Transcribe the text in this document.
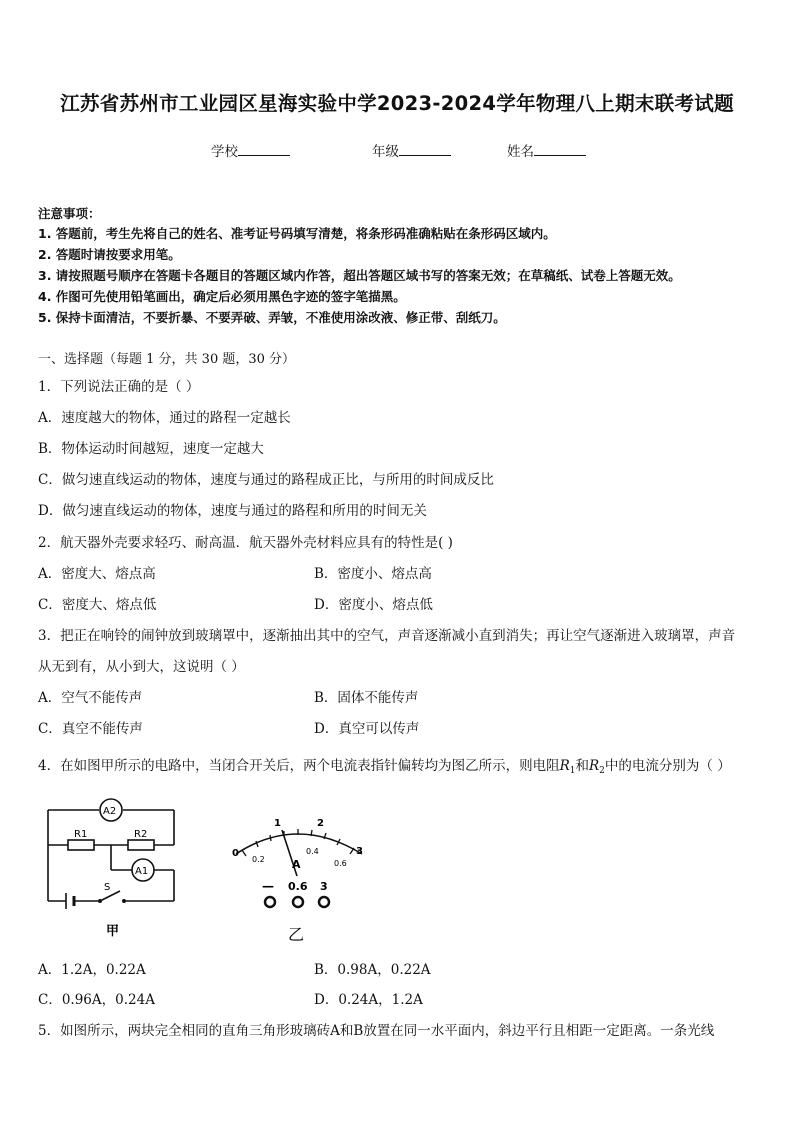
江苏省苏州市工业园区星海实验中学2023-2024学年物理八上期末联考试题
学校	年级	姓名
注意事项：
1. 答题前，考生先将自己的姓名、准考证号码填写清楚，将条形码准确粘贴在条形码区域内。
2. 答题时请按要求用笔。
3. 请按照题号顺序在答题卡各题目的答题区域内作答，超出答题区域书写的答案无效；在草稿纸、试卷上答题无效。
4. 作图可先使用铅笔画出，确定后必须用黑色字迹的签字笔描黑。
5. 保持卡面清洁，不要折暴、不要弄破、弄皱，不准使用涂改液、修正带、刮纸刀。
一、选择题（每题 1 分，共 30 题，30 分）
1．下列说法正确的是（ ）
A．速度越大的物体，通过的路程一定越长
B．物体运动时间越短，速度一定越大
C．做匀速直线运动的物体，速度与通过的路程成正比，与所用的时间成反比
D．做匀速直线运动的物体，速度与通过的路程和所用的时间无关
2．航天器外壳要求轻巧、耐高温．航天器外壳材料应具有的特性是( )
A．密度大、熔点高	B．密度小、熔点高
C．密度大、熔点低	D．密度小、熔点低
3．把正在响铃的闹钟放到玻璃罩中，逐渐抽出其中的空气，声音逐渐减小直到消失；再让空气逐渐进入玻璃罩，声音
从无到有，从小到大，这说明（ ）
A．空气不能传声	B．固体不能传声
C．真空不能传声	D．真空可以传声
4．在如图甲所示的电路中，当闭合开关后，两个电流表指针偏转均为图乙所示，则电阻$R_1$和$R_2$中的电流分别为（ ）
A2
A1
R1	R2
S
甲
0
1	2
3
0.2
0.4
0.6
A
— 0.6 3
乙
A．1.2A，0.22A	B．0.98A，0.22A
C．0.96A，0.24A	D．0.24A，1.2A
5．如图所示，两块完全相同的直角三角形玻璃砖A和B放置在同一水平面内，斜边平行且相距一定距离。一条光线
